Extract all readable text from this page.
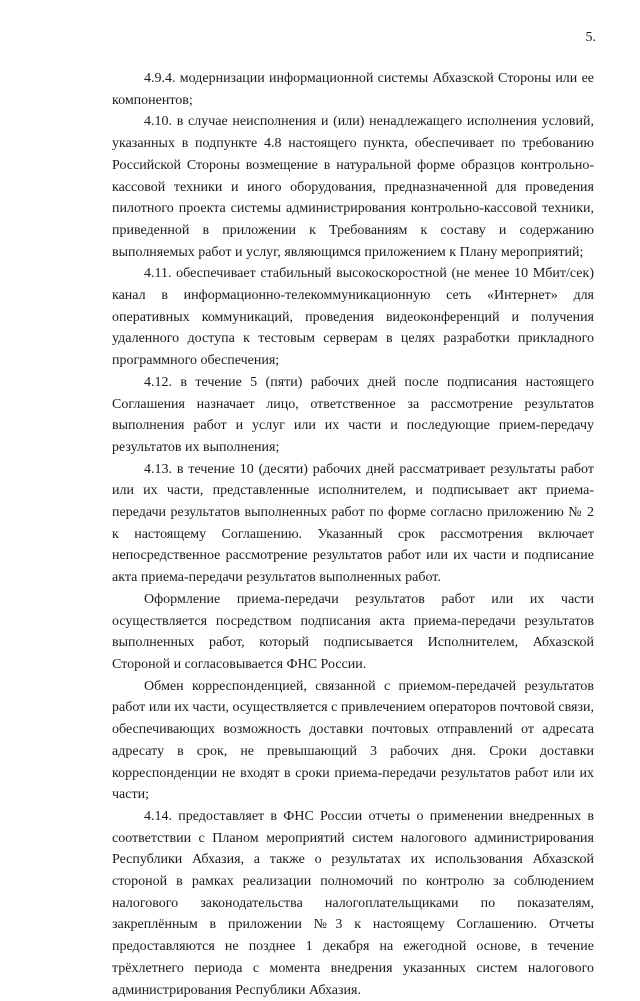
5.

4.9.4. модернизации информационной системы Абхазской Стороны или ее компонентов;

4.10. в случае неисполнения и (или) ненадлежащего исполнения условий, указанных в подпункте 4.8 настоящего пункта, обеспечивает по требованию Российской Стороны возмещение в натуральной форме образцов контрольно-кассовой техники и иного оборудования, предназначенной для проведения пилотного проекта системы администрирования контрольно-кассовой техники, приведенной в приложении к Требованиям к составу и содержанию выполняемых работ и услуг, являющимся приложением к Плану мероприятий;

4.11. обеспечивает стабильный высокоскоростной (не менее 10 Мбит/сек) канал в информационно-телекоммуникационную сеть «Интернет» для оперативных коммуникаций, проведения видеоконференций и получения удаленного доступа к тестовым серверам в целях разработки прикладного программного обеспечения;

4.12. в течение 5 (пяти) рабочих дней после подписания настоящего Соглашения назначает лицо, ответственное за рассмотрение результатов выполнения работ и услуг или их части и последующие прием-передачу результатов их выполнения;

4.13. в течение 10 (десяти) рабочих дней рассматривает результаты работ или их части, представленные исполнителем, и подписывает акт приема-передачи результатов выполненных работ по форме согласно приложению № 2 к настоящему Соглашению. Указанный срок рассмотрения включает непосредственное рассмотрение результатов работ или их части и подписание акта приема-передачи результатов выполненных работ.

Оформление приема-передачи результатов работ или их части осуществляется посредством подписания акта приема-передачи результатов выполненных работ, который подписывается Исполнителем, Абхазской Стороной и согласовывается ФНС России.

Обмен корреспонденцией, связанной с приемом-передачей результатов работ или их части, осуществляется с привлечением операторов почтовой связи, обеспечивающих возможность доставки почтовых отправлений от адресата адресату в срок, не превышающий 3 рабочих дня. Сроки доставки корреспонденции не входят в сроки приема-передачи результатов работ или их части;

4.14. предоставляет в ФНС России отчеты о применении внедренных в соответствии с Планом мероприятий систем налогового администрирования Республики Абхазия, а также о результатах их использования Абхазской стороной в рамках реализации полномочий по контролю за соблюдением налогового законодательства налогоплательщиками по показателям, закреплённым в приложении №3 к настоящему Соглашению. Отчеты предоставляются не позднее 1 декабря на ежегодной основе, в течение трёхлетнего периода с момента внедрения указанных систем налогового администрирования Республики Абхазия.
